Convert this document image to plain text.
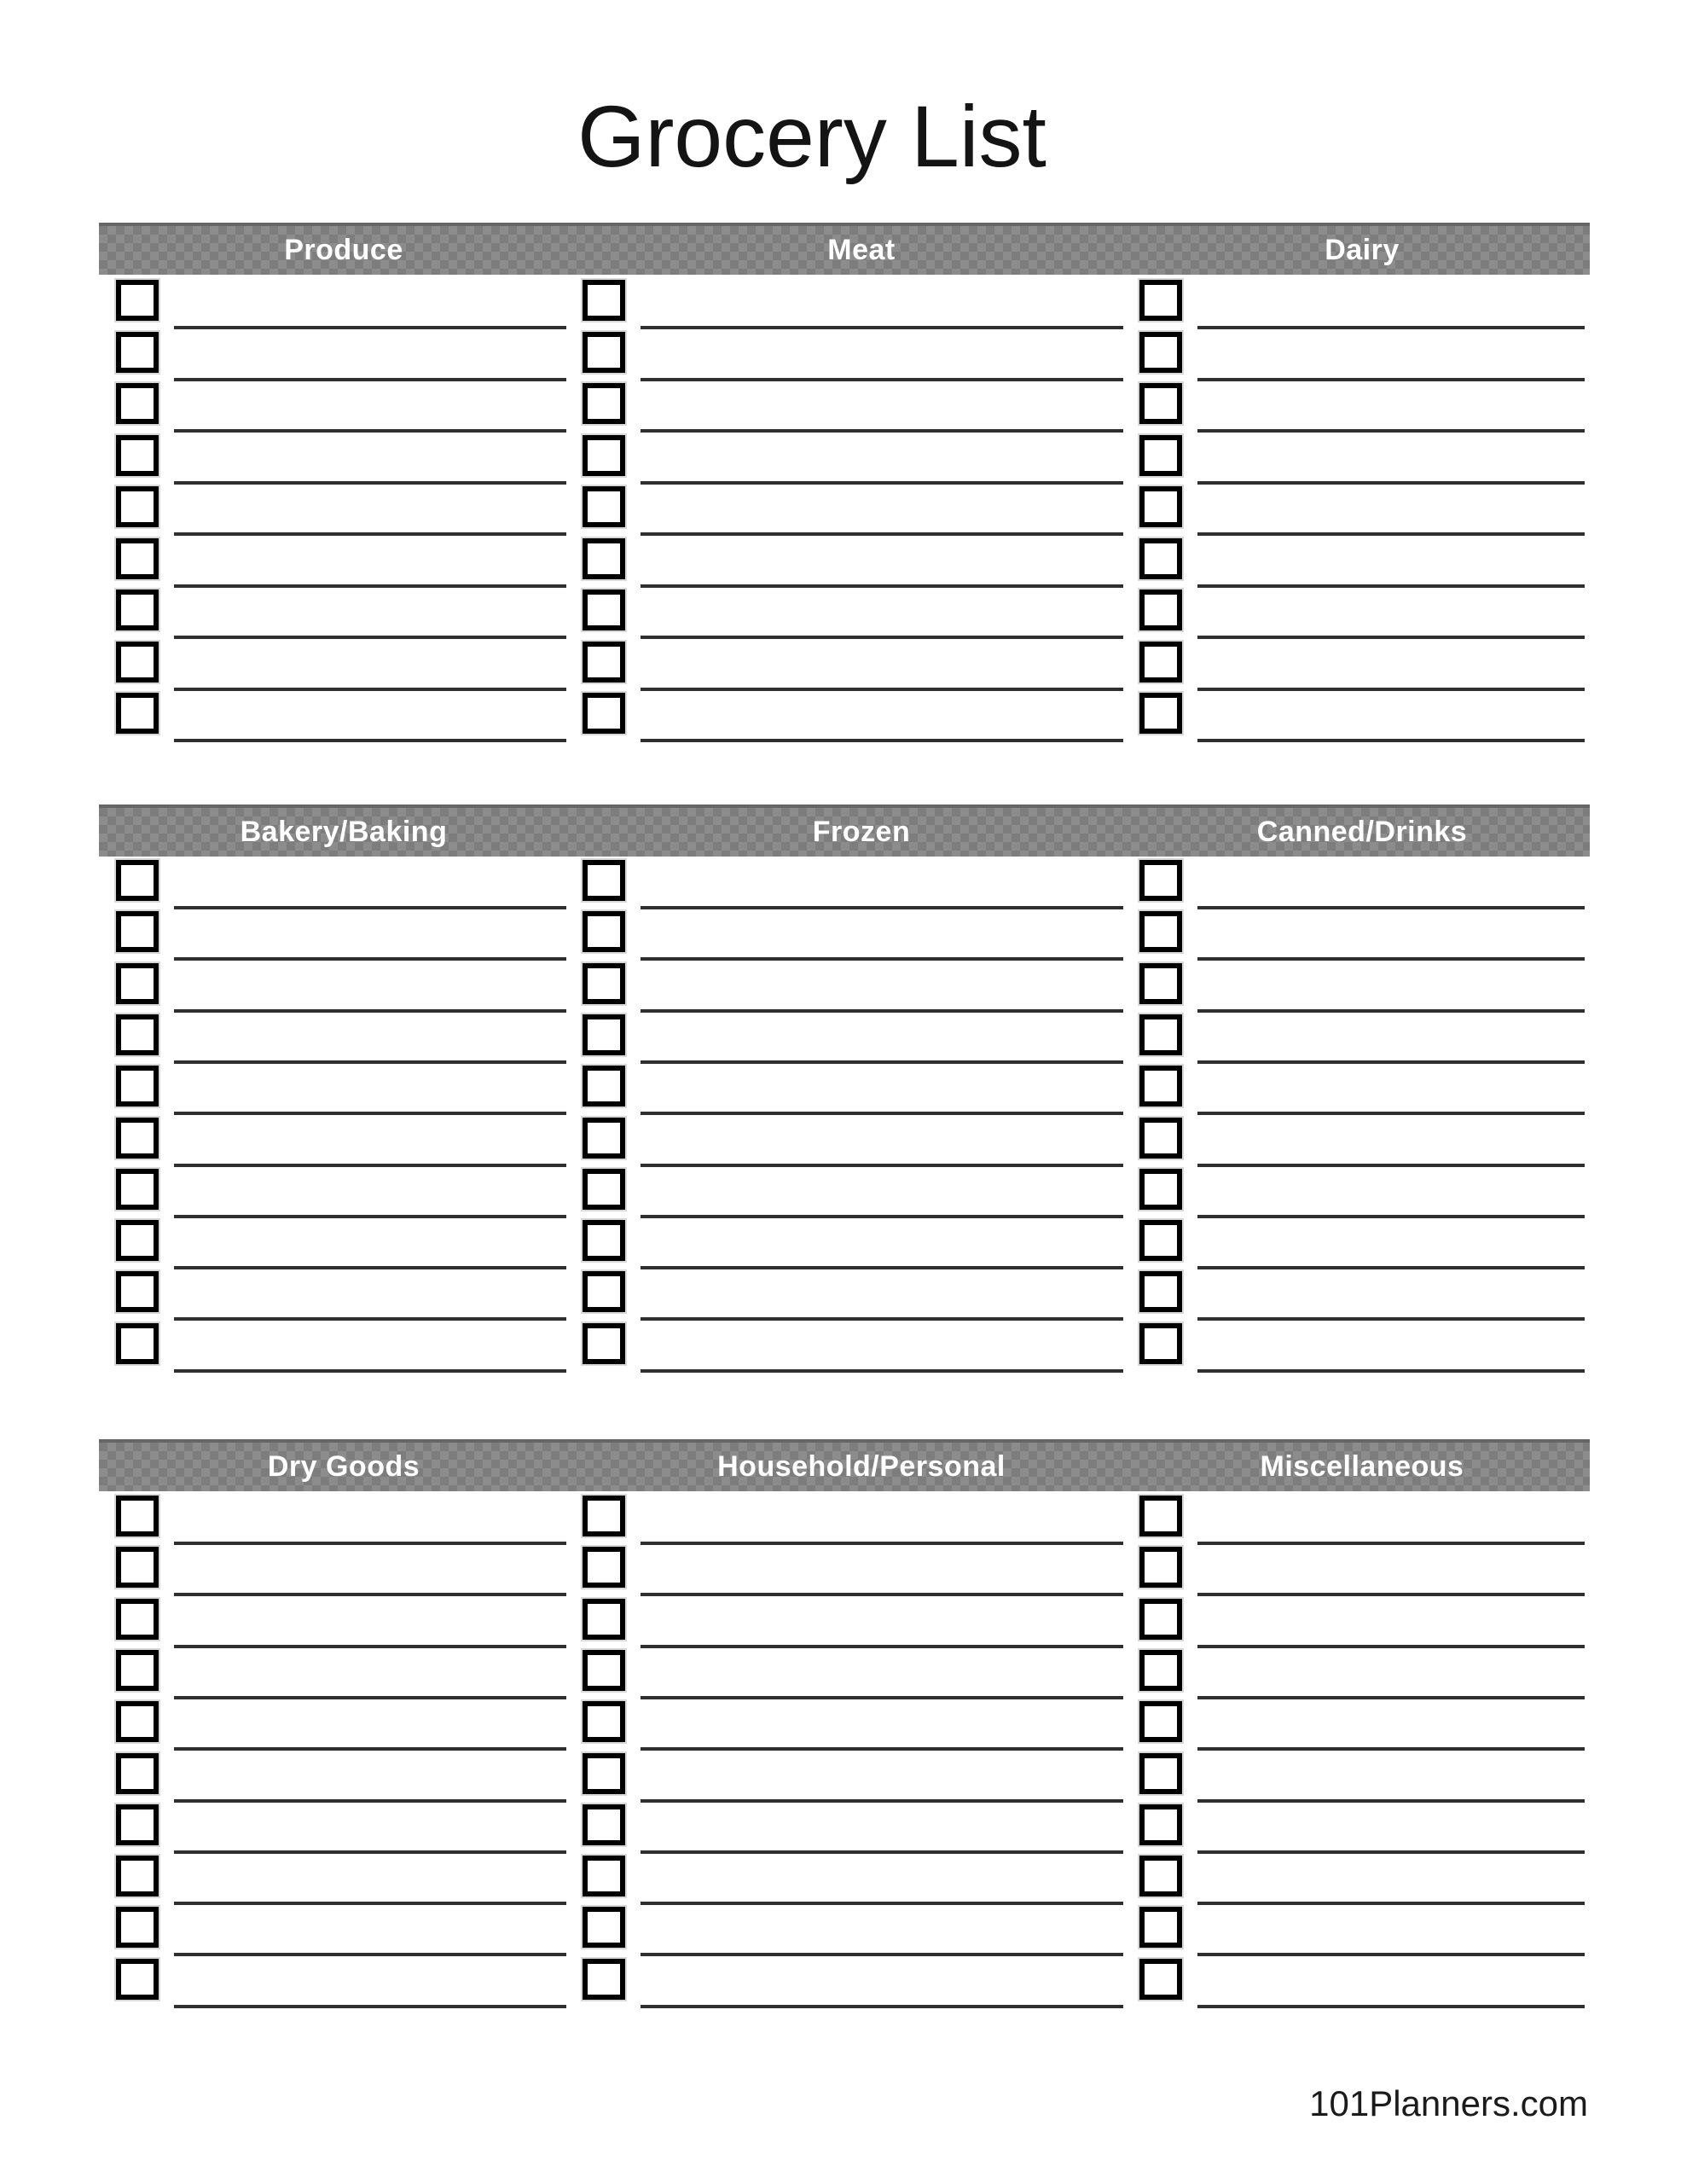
Grocery List
Produce	Meat	Dairy
Bakery/Baking	Frozen	Canned/Drinks
Dry Goods	Household/Personal	Miscellaneous
101Planners.com
